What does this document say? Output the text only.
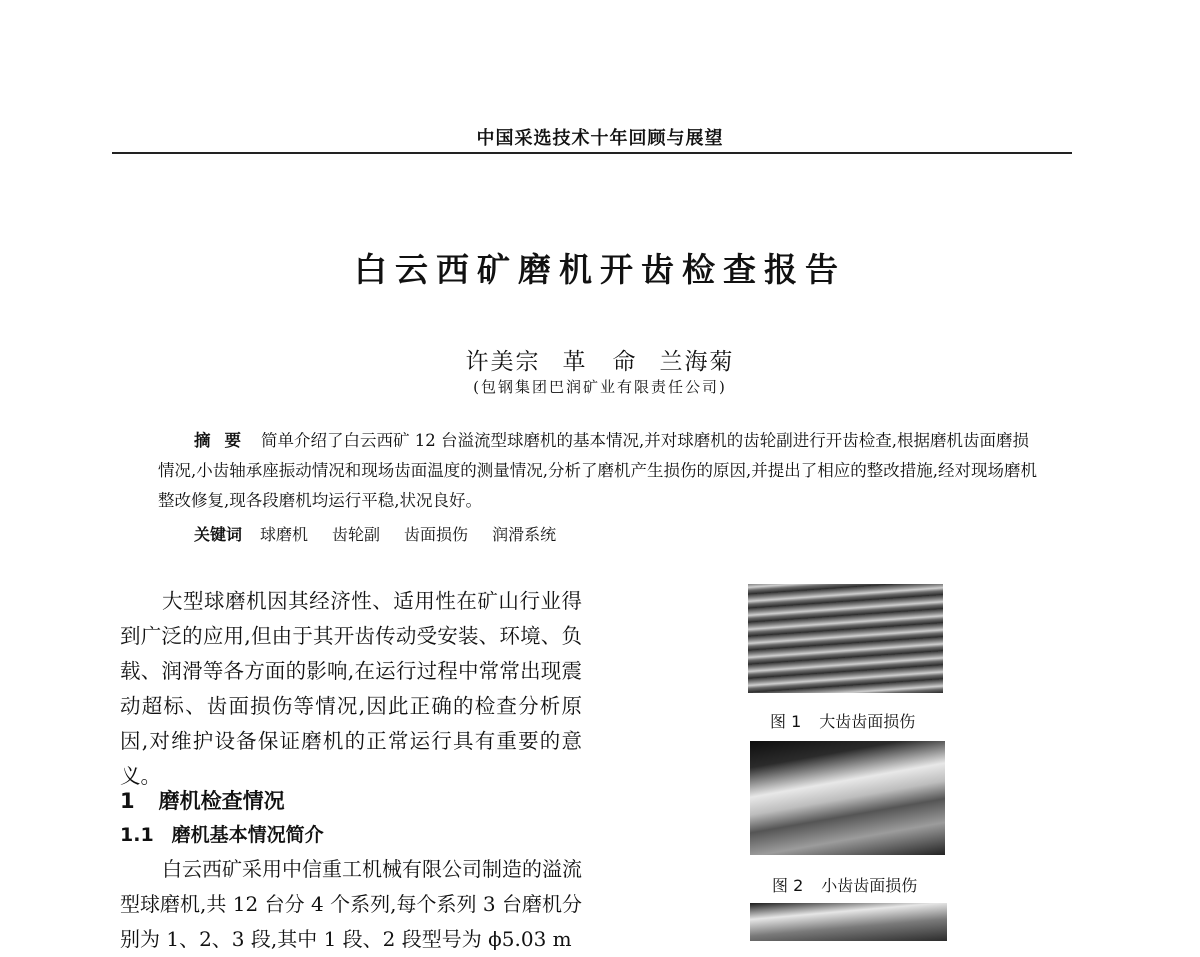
中国采选技术十年回顾与展望
白云西矿磨机开齿检查报告
许美宗 革　命 兰海菊
(包钢集团巴润矿业有限责任公司)
摘要 简单介绍了白云西矿 12 台溢流型球磨机的基本情况,并对球磨机的齿轮副进行开齿检查,根据磨机齿面磨损情况,小齿轴承座振动情况和现场齿面温度的测量情况,分析了磨机产生损伤的原因,并提出了相应的整改措施,经对现场磨机整改修复,现各段磨机均运行平稳,状况良好。
关键词 球磨机 齿轮副 齿面损伤 润滑系统

大型球磨机因其经济性、适用性在矿山行业得到广泛的应用,但由于其开齿传动受安装、环境、负载、润滑等各方面的影响,在运行过程中常常出现震动超标、齿面损伤等情况,因此正确的检查分析原因,对维护设备保证磨机的正常运行具有重要的意义。

1 磨机检查情况
1.1 磨机基本情况简介

白云西矿采用中信重工机械有限公司制造的溢流型球磨机,共 12 台分 4 个系列,每个系列 3 台磨机分别为 1、2、3 段,其中 1 段、2 段型号为 ϕ5.03 m

图 1 大齿齿面损伤
图 2 小齿齿面损伤
